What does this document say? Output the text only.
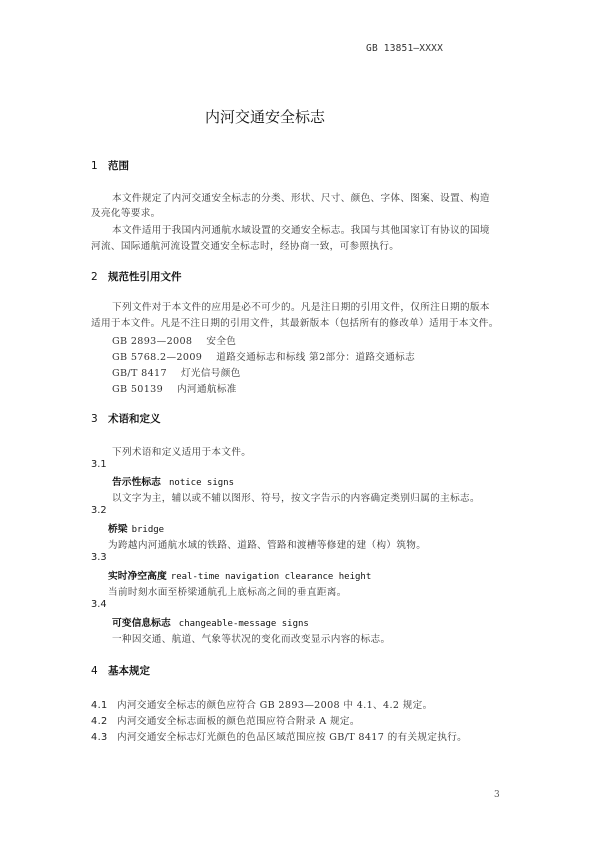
GB 13851—XXXX
内河交通安全标志
1 范围
本文件规定了内河交通安全标志的分类、形状、尺寸、颜色、字体、图案、设置、构造
及亮化等要求。
本文件适用于我国内河通航水域设置的交通安全标志。我国与其他国家订有协议的国境
河流、国际通航河流设置交通安全标志时，经协商一致，可参照执行。
2 规范性引用文件
下列文件对于本文件的应用是必不可少的。凡是注日期的引用文件，仅所注日期的版本
适用于本文件。凡是不注日期的引用文件，其最新版本（包括所有的修改单）适用于本文件。
GB 2893—2008 安全色
GB 5768.2—2009 道路交通标志和标线 第2部分：道路交通标志
GB/T 8417 灯光信号颜色
GB 50139 内河通航标准
3 术语和定义
下列术语和定义适用于本文件。
3.1
告示性标志 notice signs
以文字为主，辅以或不辅以图形、符号，按文字告示的内容确定类别归属的主标志。
3.2
桥梁 bridge
为跨越内河通航水域的铁路、道路、管路和渡槽等修建的建（构）筑物。
3.3
实时净空高度 real-time navigation clearance height
当前时刻水面至桥梁通航孔上底标高之间的垂直距离。
3.4
可变信息标志 changeable-message signs
一种因交通、航道、气象等状况的变化而改变显示内容的标志。
4 基本规定
4.1 内河交通安全标志的颜色应符合 GB 2893—2008 中 4.1、4.2 规定。
4.2 内河交通安全标志面板的颜色范围应符合附录 A 规定。
4.3 内河交通安全标志灯光颜色的色品区域范围应按 GB/T 8417 的有关规定执行。
3
